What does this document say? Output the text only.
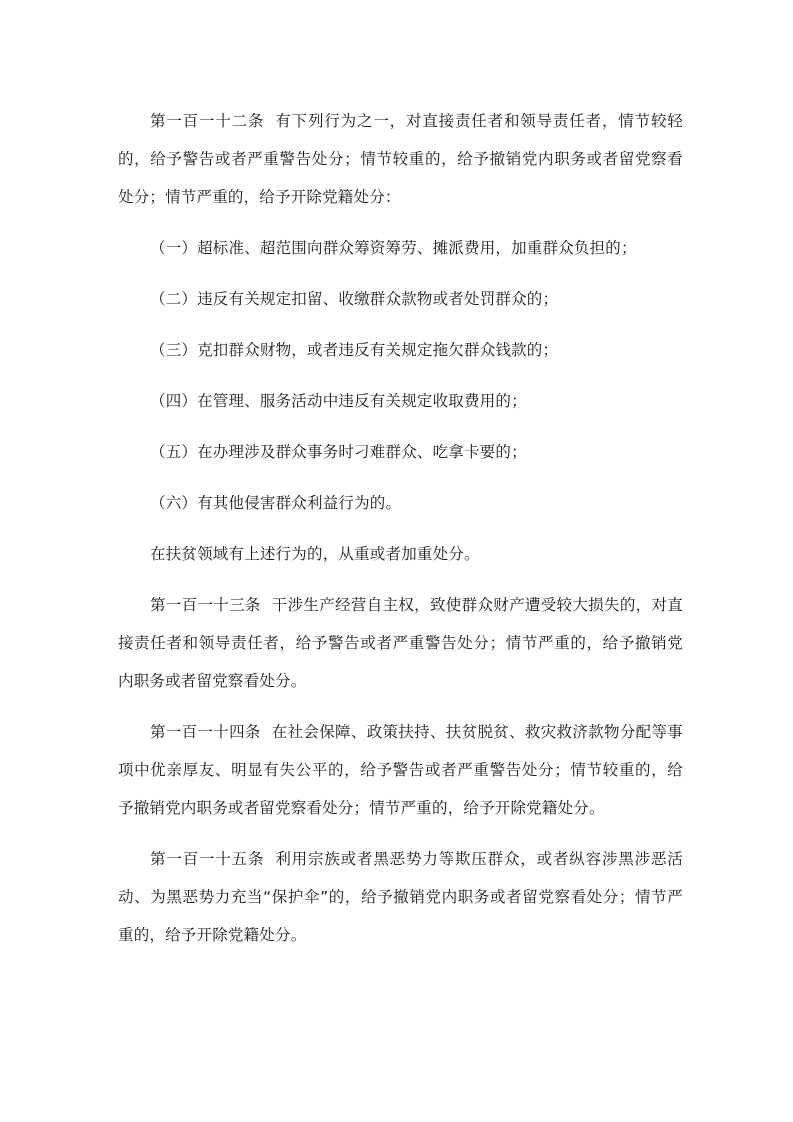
第一百一十二条 有下列行为之一，对直接责任者和领导责任者，情节较轻的，给予警告或者严重警告处分；情节较重的，给予撤销党内职务或者留党察看处分；情节严重的，给予开除党籍处分：

（一）超标准、超范围向群众筹资筹劳、摊派费用，加重群众负担的；

（二）违反有关规定扣留、收缴群众款物或者处罚群众的；

（三）克扣群众财物，或者违反有关规定拖欠群众钱款的；

（四）在管理、服务活动中违反有关规定收取费用的；

（五）在办理涉及群众事务时刁难群众、吃拿卡要的；

（六）有其他侵害群众利益行为的。

在扶贫领域有上述行为的，从重或者加重处分。

第一百一十三条 干涉生产经营自主权，致使群众财产遭受较大损失的，对直接责任者和领导责任者，给予警告或者严重警告处分；情节严重的，给予撤销党内职务或者留党察看处分。

第一百一十四条 在社会保障、政策扶持、扶贫脱贫、救灾救济款物分配等事项中优亲厚友、明显有失公平的，给予警告或者严重警告处分；情节较重的，给予撤销党内职务或者留党察看处分；情节严重的，给予开除党籍处分。

第一百一十五条 利用宗族或者黑恶势力等欺压群众，或者纵容涉黑涉恶活动、为黑恶势力充当“保护伞”的，给予撤销党内职务或者留党察看处分；情节严重的，给予开除党籍处分。
